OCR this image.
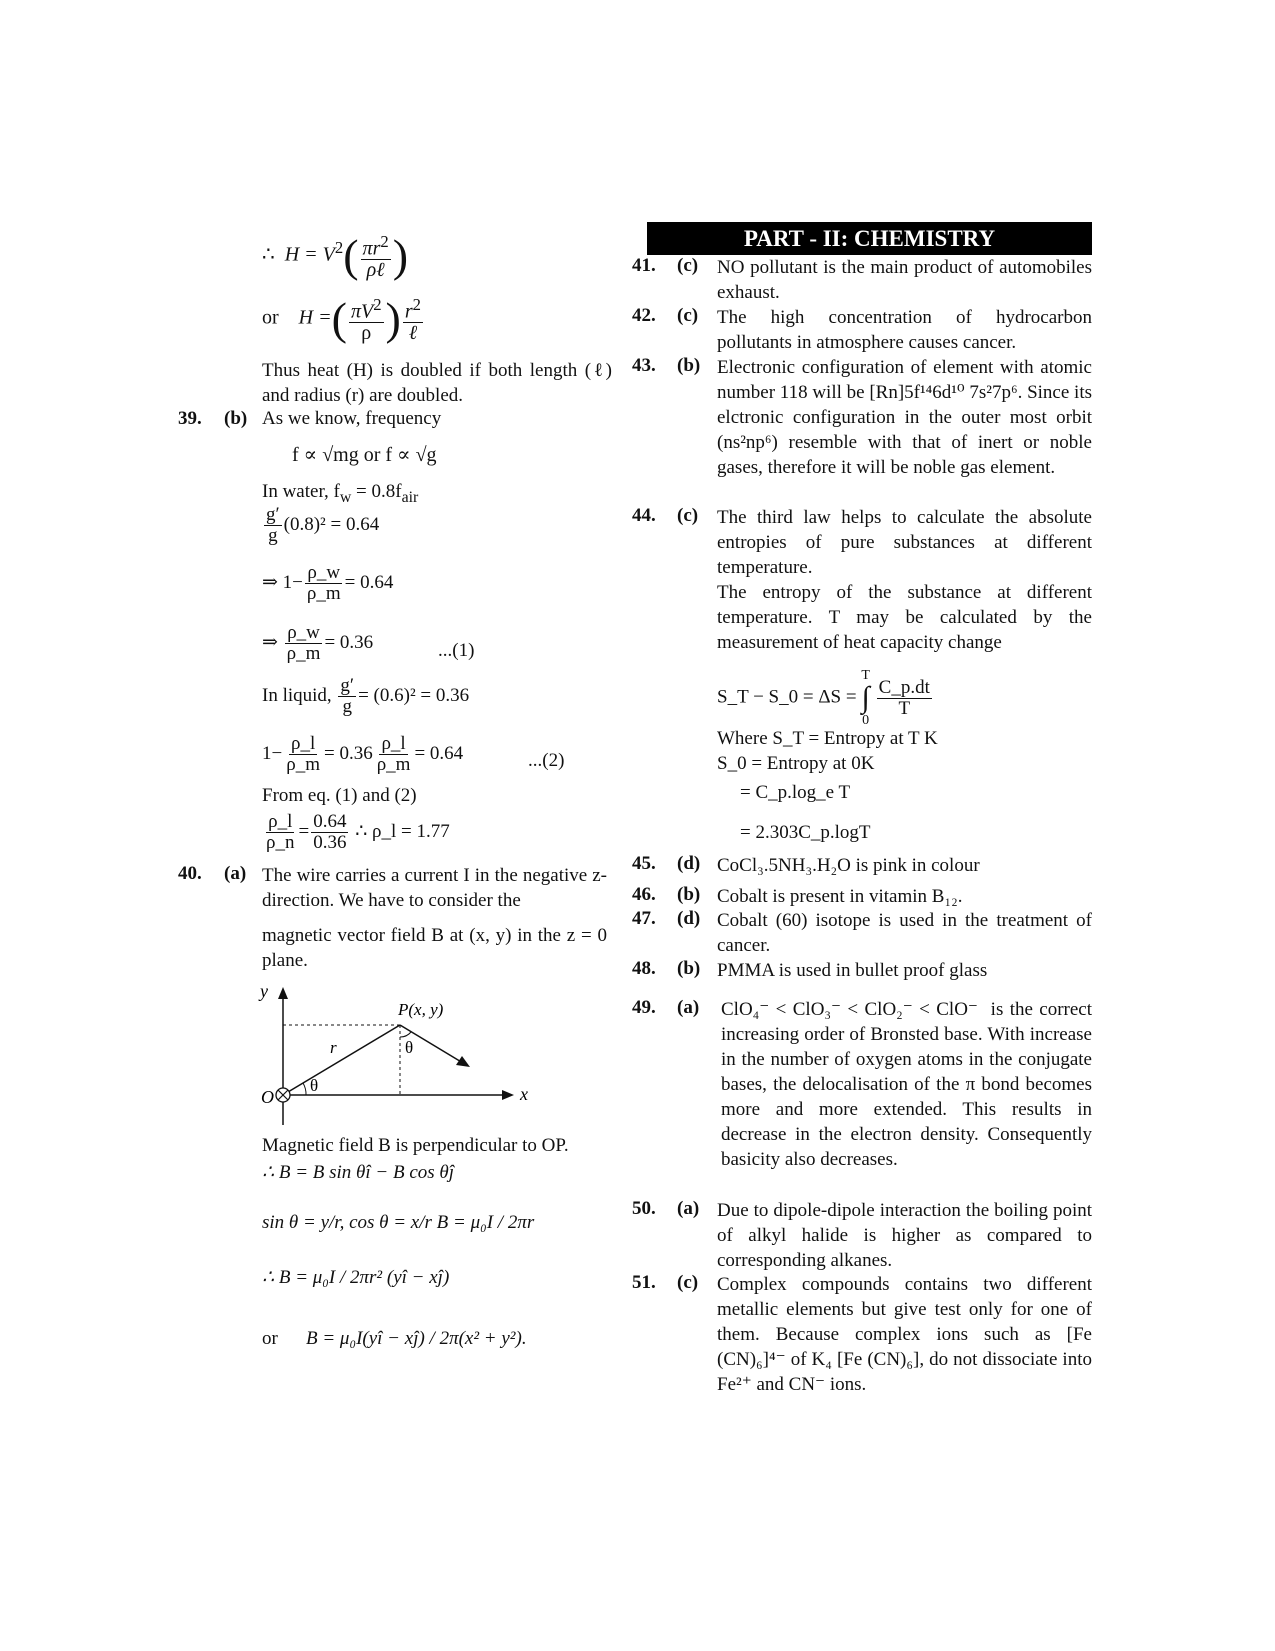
∴ $H = V^2( \frac{\pi r^2}{\text{ρℓ}}$ )
or H =( $\frac{\pi V^2}{\rho}$ ) $\frac{r^2}{\text{ℓ}}$
Thus heat (H) is doubled if both length (ℓ) and radius (r) are doubled.
39. (b) As we know, frequency
f ∝ √mg or f ∝ √g
In water, $f_w = 0.8f_{air}$
$\frac{g'}{g} (0.8)^2 = 0.64$
⇒ $1- \frac{\rho\_w}{\rho\_m} = 0.64$
⇒ $\frac{\rho\_w}{\rho\_m} = 0.36$	...(1)
In liquid, $\frac{g'}{g} = (0.6)^2 = 0.36$
$1- \frac{\rho\_l}{\rho\_m} = 0.36 \frac{\rho\_l}{\rho\_m} = 0.64$	...(2)
From eq. (1) and (2)
$\frac{\rho\_l}{\rho\_n} = \frac{0.64}{0.36}$ ∴ ρ_l = 1.77
40. (a) The wire carries a current I in the negative z-direction. We have to consider the
magnetic vector field B at (x, y) in the z = 0 plane.
y
x
O
P(x, y)
r	θ
θ
Magnetic field B is perpendicular to OP.
∴ B = B sin θî − B cos θĵ
sin θ = y/r, cos θ = x/r B = μ₀I / 2πr
∴ B = μ₀I / 2πr² (yî − xĵ)
or B = μ₀I(yî − xĵ) / 2π(x² + y²).
PART - II: CHEMISTRY
41. (c) NO pollutant is the main product of automobiles exhaust.
42. (c) The high concentration of hydrocarbon pollutants in atmosphere causes cancer.
43. (b) Electronic configuration of element with atomic number 118 will be [Rn]5f¹⁴6d¹⁰ 7s²7p⁶. Since its elctronic configuration in the outer most orbit (ns²np⁶) resemble with that of inert or noble gases, therefore it will be noble gas element.
44. (c) The third law helps to calculate the absolute entropies of pure substances at different temperature.
The entropy of the substance at different temperature. T may be calculated by the measurement of heat capacity change
S_T − S_0 = ΔS =
T
∫
0

$\frac{C\_p.dt}{T}$
Where S_T = Entropy at T K
S_0 = Entropy at 0K
= C_p.log_e T
= 2.303C_p.logT
45. (d) CoCl₃.5NH₃.H₂O is pink in colour
46. (b) Cobalt is present in vitamin B₁₂.
47. (d) Cobalt (60) isotope is used in the treatment of cancer.
48. (b) PMMA is used in bullet proof glass
49. (a) ClO₄⁻ < ClO₃⁻ < ClO₂⁻ < ClO⁻ is the correct increasing order of Bronsted base. With increase in the number of oxygen atoms in the conjugate bases, the delocalisation of the π bond becomes more and more extended. This results in decrease in the electron density. Consequently basicity also decreases.
50. (a) Due to dipole-dipole interaction the boiling point of alkyl halide is higher as compared to corresponding alkanes.
51. (c) Complex compounds contains two different metallic elements but give test only for one of them. Because complex ions such as [Fe (CN)₆]⁴⁻ of K₄ [Fe (CN)₆], do not dissociate into Fe²⁺ and CN⁻ ions.
